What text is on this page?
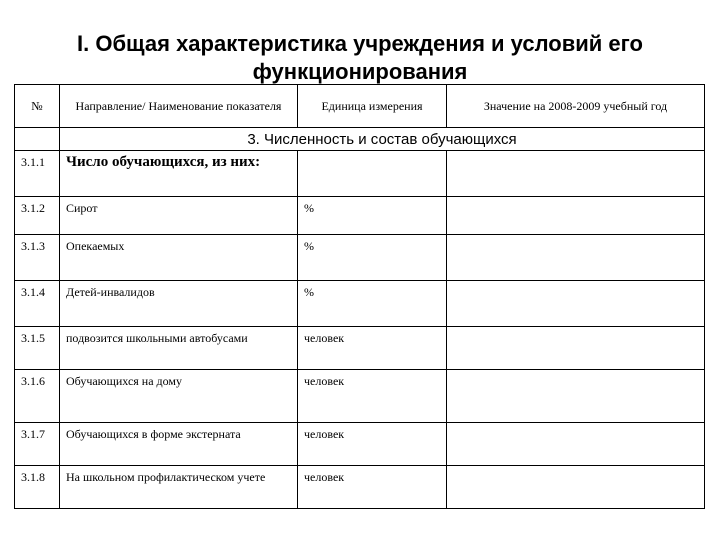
I. Общая характеристика учреждения и условий его
функционирования
№	Направление/ Наименование показателя	Единица измерения	Значение на 2008-2009 учебный год
	3. Численность и состав обучающихся		
3.1.1	Число обучающихся, из них:		
3.1.2	Сирот	%	
3.1.3	Опекаемых	%	
3.1.4	Детей-инвалидов	%	
3.1.5	подвозится школьными автобусами	человек	
3.1.6	Обучающихся на дому	человек	
3.1.7	Обучающихся в форме экстерната	человек	
3.1.8	На школьном профилактическом учете	человек	
